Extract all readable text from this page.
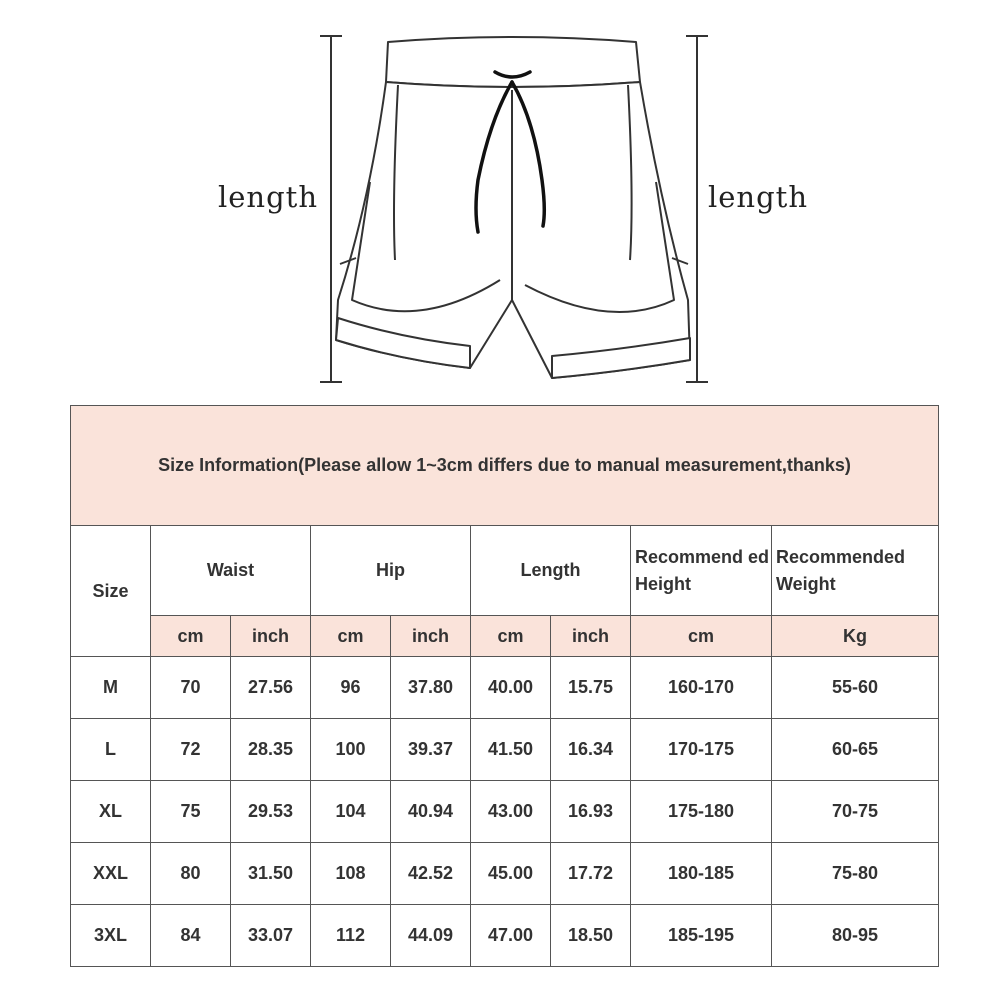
length	length
Size Information(Please allow 1~3cm differs due to manual measurement,thanks)								
Size	Waist		Hip		Length		Recommend ed Height	Recommended Weight
	cm	inch	cm	inch	cm	inch	cm	Kg
M	70	27.56	96	37.80	40.00	15.75	160-170	55-60
L	72	28.35	100	39.37	41.50	16.34	170-175	60-65
XL	75	29.53	104	40.94	43.00	16.93	175-180	70-75
XXL	80	31.50	108	42.52	45.00	17.72	180-185	75-80
3XL	84	33.07	112	44.09	47.00	18.50	185-195	80-95
